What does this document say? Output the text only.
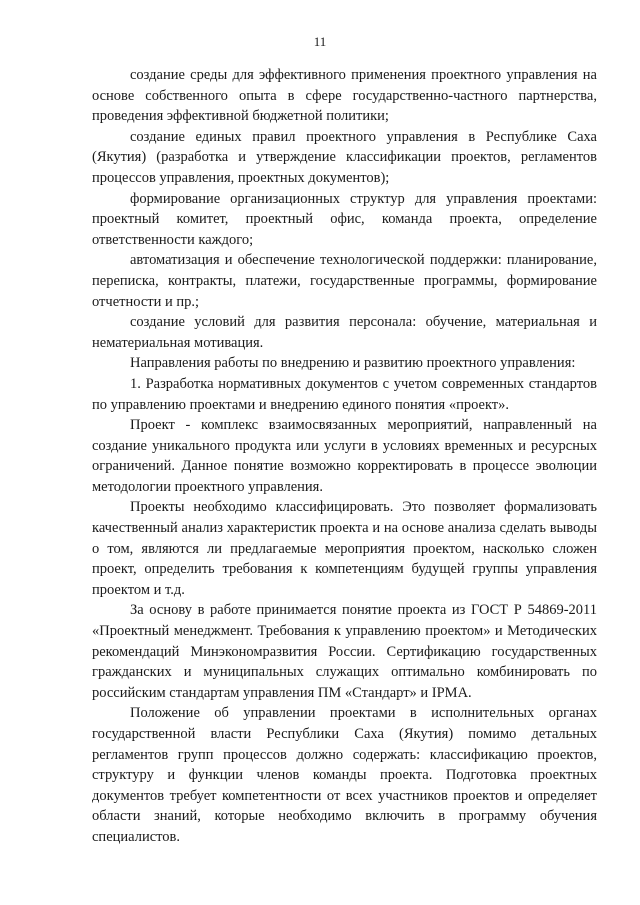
11

создание среды для эффективного применения проектного управления на основе собственного опыта в сфере государственно-частного партнерства, проведения эффективной бюджетной политики;

создание единых правил проектного управления в Республике Саха (Якутия) (разработка и утверждение классификации проектов, регламентов процессов управления, проектных документов);

формирование организационных структур для управления проектами: проектный комитет, проектный офис, команда проекта, определение ответственности каждого;

автоматизация и обеспечение технологической поддержки: планирование, переписка, контракты, платежи, государственные программы, формирование отчетности и пр.;

создание условий для развития персонала: обучение, материальная и нематериальная мотивация.

Направления работы по внедрению и развитию проектного управления:

1. Разработка нормативных документов с учетом современных стандартов по управлению проектами и внедрению единого понятия «проект».

Проект - комплекс взаимосвязанных мероприятий, направленный на создание уникального продукта или услуги в условиях временных и ресурсных ограничений. Данное понятие возможно корректировать в процессе эволюции методологии проектного управления.

Проекты необходимо классифицировать. Это позволяет формализовать качественный анализ характеристик проекта и на основе анализа сделать выводы о том, являются ли предлагаемые мероприятия проектом, насколько сложен проект, определить требования к компетенциям будущей группы управления проектом и т.д.

За основу в работе принимается понятие проекта из ГОСТ Р 54869-2011 «Проектный менеджмент. Требования к управлению проектом» и Методических рекомендаций Минэкономразвития России. Сертификацию государственных гражданских и муниципальных служащих оптимально комбинировать по российским стандартам управления ПМ «Стандарт» и IPMA.

Положение об управлении проектами в исполнительных органах государственной власти Республики Саха (Якутия) помимо детальных регламентов групп процессов должно содержать: классификацию проектов, структуру и функции членов команды проекта. Подготовка проектных документов требует компетентности от всех участников проектов и определяет области знаний, которые необходимо включить в программу обучения специалистов.
